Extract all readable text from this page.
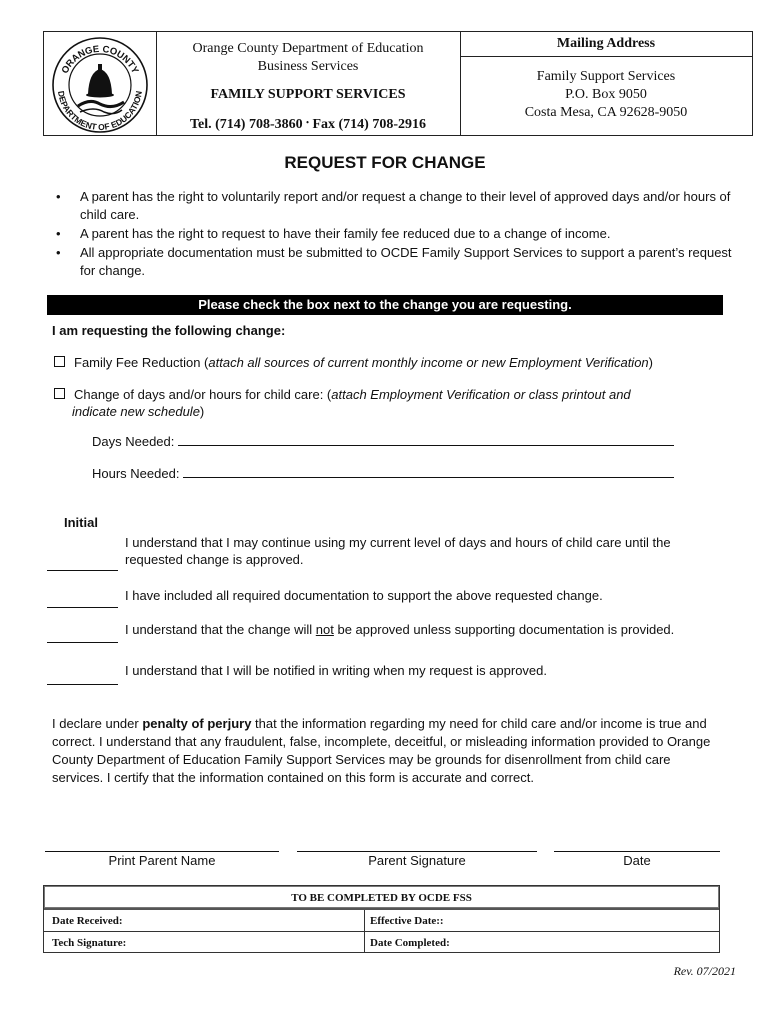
ORANGE COUNTY
DEPARTMENT OF EDUCATION
Orange County Department of Education
Business Services
FAMILY SUPPORT SERVICES
Tel. (714) 708-3860 • Fax (714) 708-2916
Mailing Address
Family Support Services
P.O. Box 9050
Costa Mesa, CA 92628-9050
REQUEST FOR CHANGE
• A parent has the right to voluntarily report and/or request a change to their level of approved days and/or hours of child care.
• A parent has the right to request to have their family fee reduced due to a change of income.
• All appropriate documentation must be submitted to OCDE Family Support Services to support a parent’s request for change.
Please check the box next to the change you are requesting.
I am requesting the following change:
Family Fee Reduction (attach all sources of current monthly income or new Employment Verification)
Change of days and/or hours for child care: (attach Employment Verification or class printout and
indicate new schedule)
Days Needed:
Hours Needed:
Initial
I understand that I may continue using my current level of days and hours of child care until the requested change is approved.
I have included all required documentation to support the above requested change.
I understand that the change will not be approved unless supporting documentation is provided.
I understand that I will be notified in writing when my request is approved.
I declare under penalty of perjury that the information regarding my need for child care and/or income is true and correct. I understand that any fraudulent, false, incomplete, deceitful, or misleading information provided to Orange County Department of Education Family Support Services may be grounds for disenrollment from child care services. I certify that the information contained on this form is accurate and correct.
Print Parent Name	Parent Signature	Date
TO BE COMPLETED BY OCDE FSS
Date Received:	Effective Date::
Tech Signature:	Date Completed:
Rev. 07/2021
